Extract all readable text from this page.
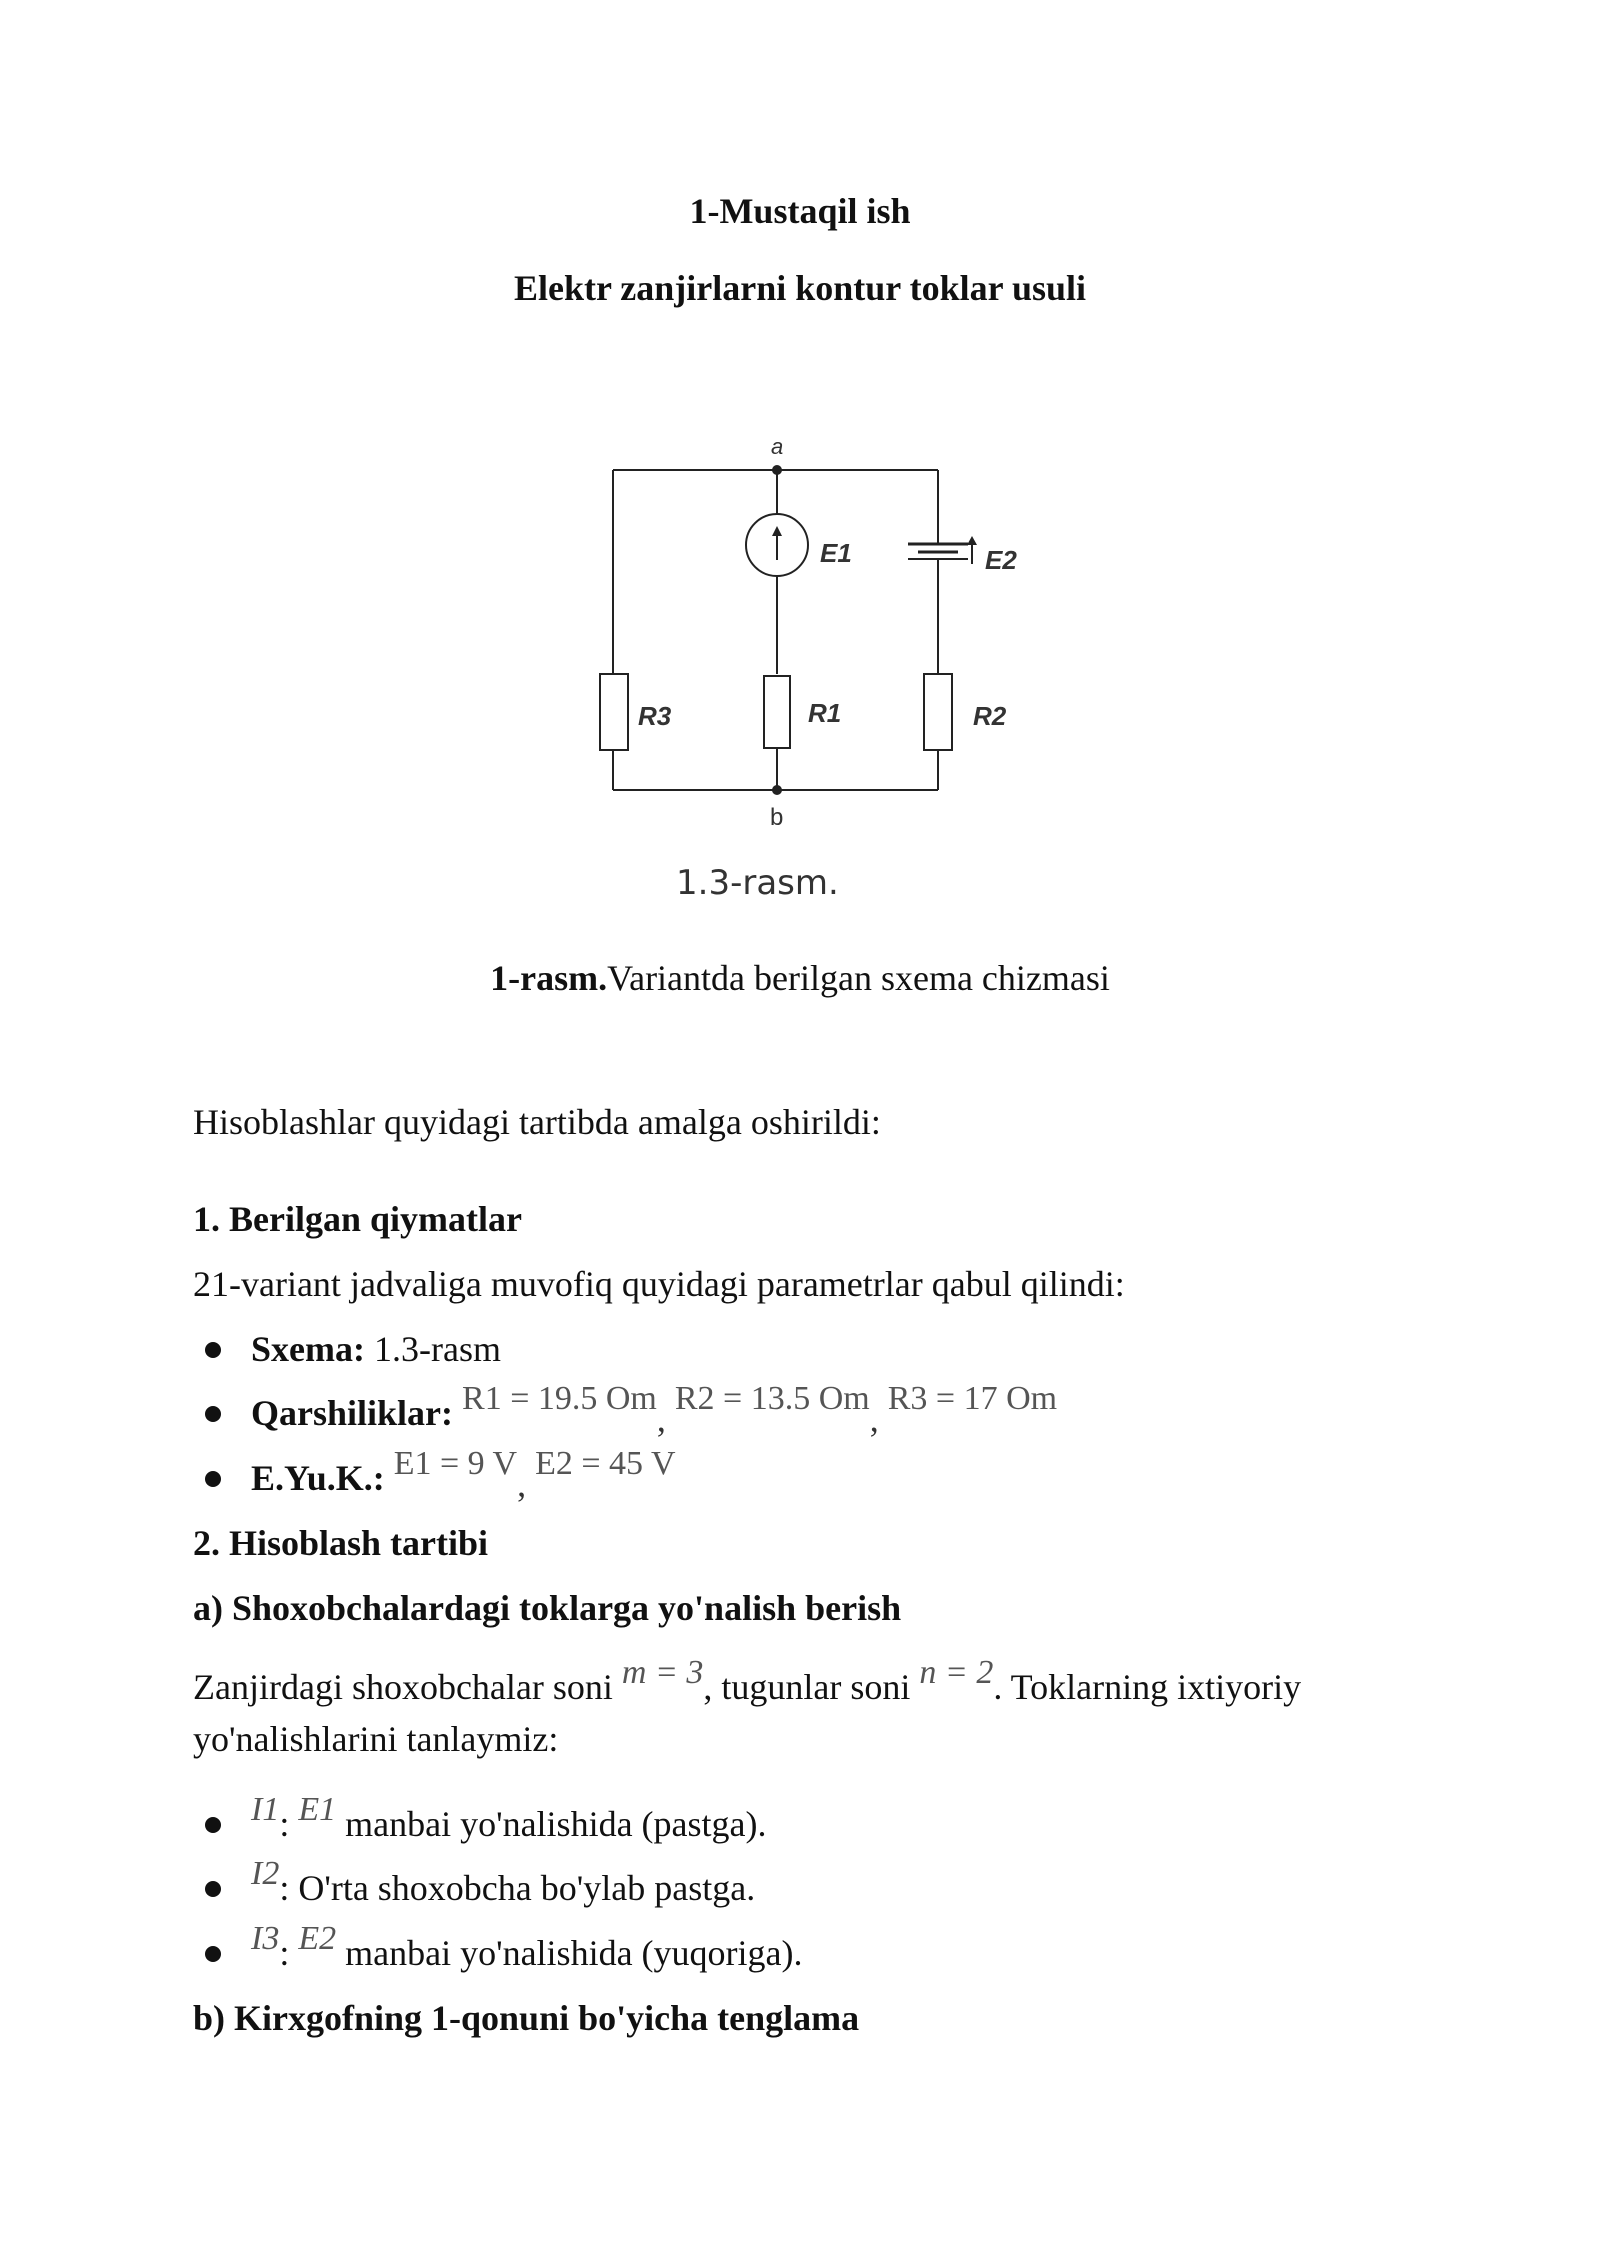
1-Mustaqil ish
Elektr zanjirlarni kontur toklar usuli
a
b
E1	E2
R3	R1	R2
1.3-rasm.
1-rasm.Variantda berilgan sxema chizmasi
Hisoblashlar quyidagi tartibda amalga oshirildi:
1. Berilgan qiymatlar
21-variant jadvaliga muvofiq quyidagi parametrlar qabul qilindi:
Sxema: 1.3-rasm
Qarshiliklar: R1 = 19.5 Om, R2 = 13.5 Om, R3 = 17 Om
E.Yu.K.: E1 = 9 V, E2 = 45 V
2. Hisoblash tartibi
a) Shoxobchalardagi toklarga yo'nalish berish
Zanjirdagi shoxobchalar soni m = 3, tugunlar soni n = 2. Toklarning ixtiyoriy
yo'nalishlarini tanlaymiz:
I1: E1 manbai yo'nalishida (pastga).
I2: O'rta shoxobcha bo'ylab pastga.
I3: E2 manbai yo'nalishida (yuqoriga).
b) Kirxgofning 1-qonuni bo'yicha tenglama
